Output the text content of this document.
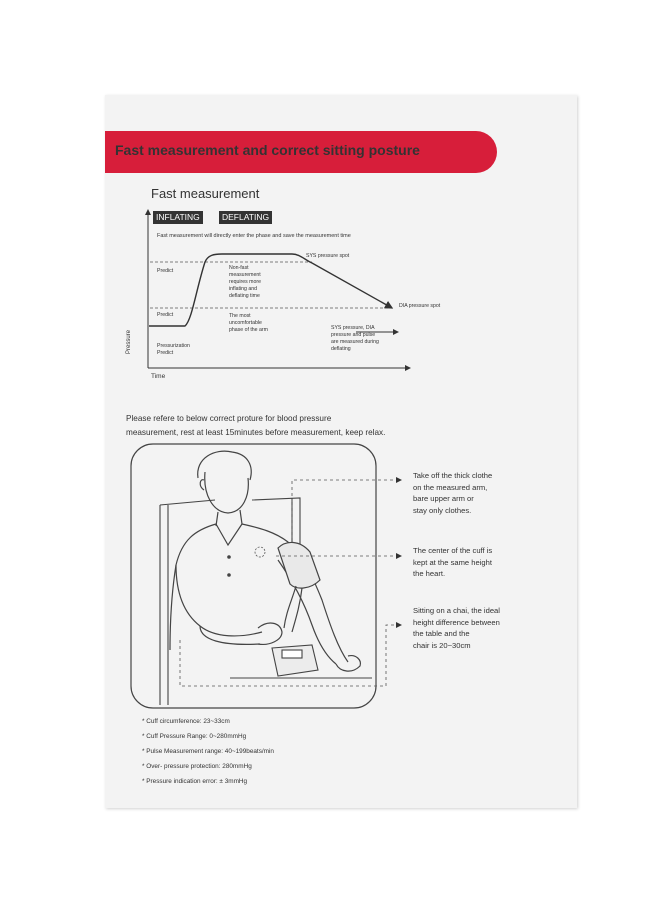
Fast measurement and correct sitting posture
Fast measurement
INFLATING	DEFLATING
Fast measurement will directly enter the phase and save the measurement time
Pressure
Time
Predict
Predict
Pressurization
Predict
SYS pressure spot
DIA pressure spot
Non-fast
measurement
requires more
inflating and
deflating time
The most
uncomfortable
phase of the arm	SYS pressure, DIA
pressure and pulse
are measured during
deflating
Please refere to below correct proture for blood pressure
measurement, rest at least 15minutes before measurement, keep relax.
Take off the thick clothe
on the measured arm,
bare upper arm or
stay only clothes.
The center of the cuff is
kept at the same height
the heart.
Sitting on a chai, the ideal
height difference between
the table and the
chair is 20~30cm
* Cuff circumference: 23~33cm
* Cuff Pressure Range: 0~280mmHg
* Pulse Measurement range: 40~199beats/min
* Over- pressure protection: 280mmHg
* Pressure indication error: ± 3mmHg
